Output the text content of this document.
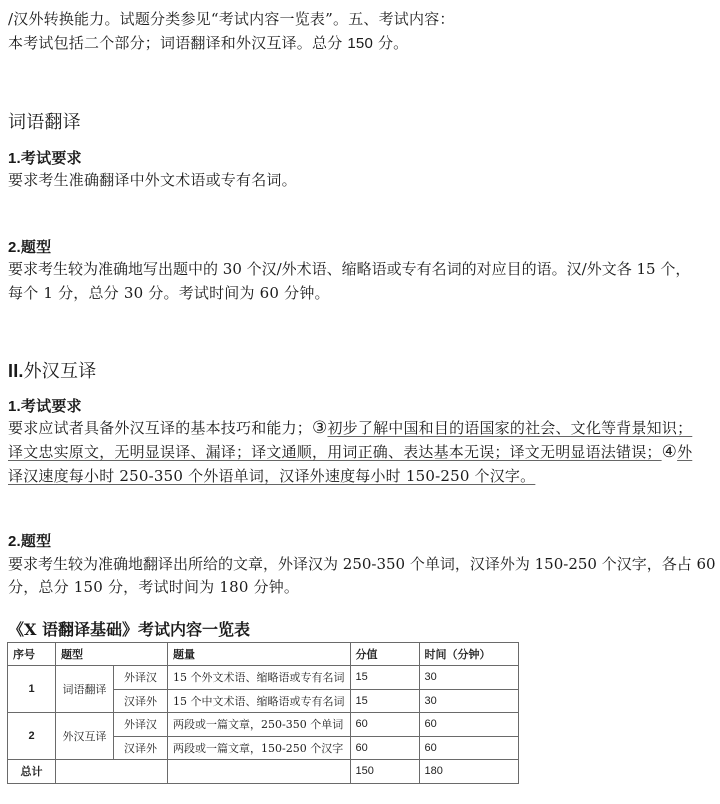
/汉外转换能力。试题分类参见“考试内容一览表”。五、考试内容：
本考试包括二个部分；词语翻译和外汉互译。总分 150 分。
词语翻译
1.考试要求
要求考生准确翻译中外文术语或专有名词。
2.题型
要求考生较为准确地写出题中的 30 个汉/外术语、缩略语或专有名词的对应目的语。汉/外文各 15 个，
每个 1 分，总分 30 分。考试时间为 60 分钟。
II.外汉互译
1.考试要求
要求应试者具备外汉互译的基本技巧和能力；③初步了解中国和目的语国家的社会、文化等背景知识；
译文忠实原文，无明显误译、漏译；译文通顺，用词正确、表达基本无误；译文无明显语法错误；④外
译汉速度每小时 250-350 个外语单词，汉译外速度每小时 150-250 个汉字。
2.题型
要求考生较为准确地翻译出所给的文章，外译汉为 250-350 个单词，汉译外为 150-250 个汉字，各占 60
分，总分 150 分，考试时间为 180 分钟。
《X 语翻译基础》考试内容一览表
序号	题型		题量	分值	时间（分钟）
1	词语翻译	外译汉	15 个外文术语、缩略语或专有名词	15	30
		汉译外	15 个中文术语、缩略语或专有名词	15	30
2	外汉互译	外译汉	两段或一篇文章，250-350 个单词	60	60
		汉译外	两段或一篇文章，150-250 个汉字	60	60
总计				150	180
